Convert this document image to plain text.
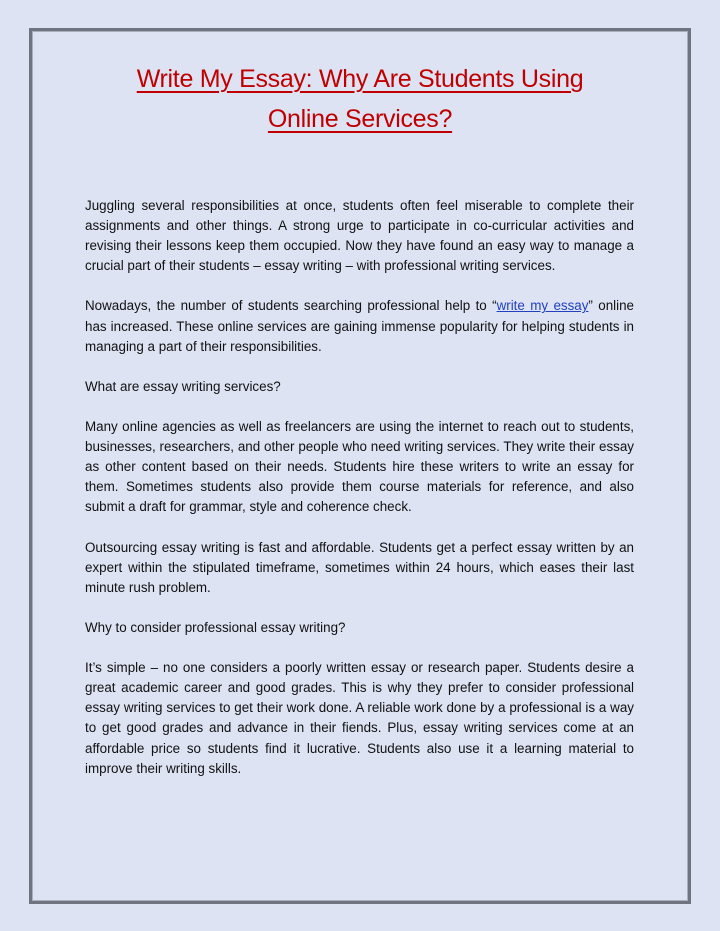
Write My Essay: Why Are Students Using
Online Services?

Juggling several responsibilities at once, students often feel miserable to complete their assignments and other things. A strong urge to participate in co-curricular activities and revising their lessons keep them occupied. Now they have found an easy way to manage a crucial part of their students – essay writing – with professional writing services.

Nowadays, the number of students searching professional help to “write my essay” online has increased. These online services are gaining immense popularity for helping students in managing a part of their responsibilities.

What are essay writing services?

Many online agencies as well as freelancers are using the internet to reach out to students, businesses, researchers, and other people who need writing services. They write their essay as other content based on their needs. Students hire these writers to write an essay for them. Sometimes students also provide them course materials for reference, and also submit a draft for grammar, style and coherence check.

Outsourcing essay writing is fast and affordable. Students get a perfect essay written by an expert within the stipulated timeframe, sometimes within 24 hours, which eases their last minute rush problem.

Why to consider professional essay writing?

It’s simple – no one considers a poorly written essay or research paper. Students desire a great academic career and good grades. This is why they prefer to consider professional essay writing services to get their work done. A reliable work done by a professional is a way to get good grades and advance in their fiends. Plus, essay writing services come at an affordable price so students find it lucrative. Students also use it a learning material to improve their writing skills.
